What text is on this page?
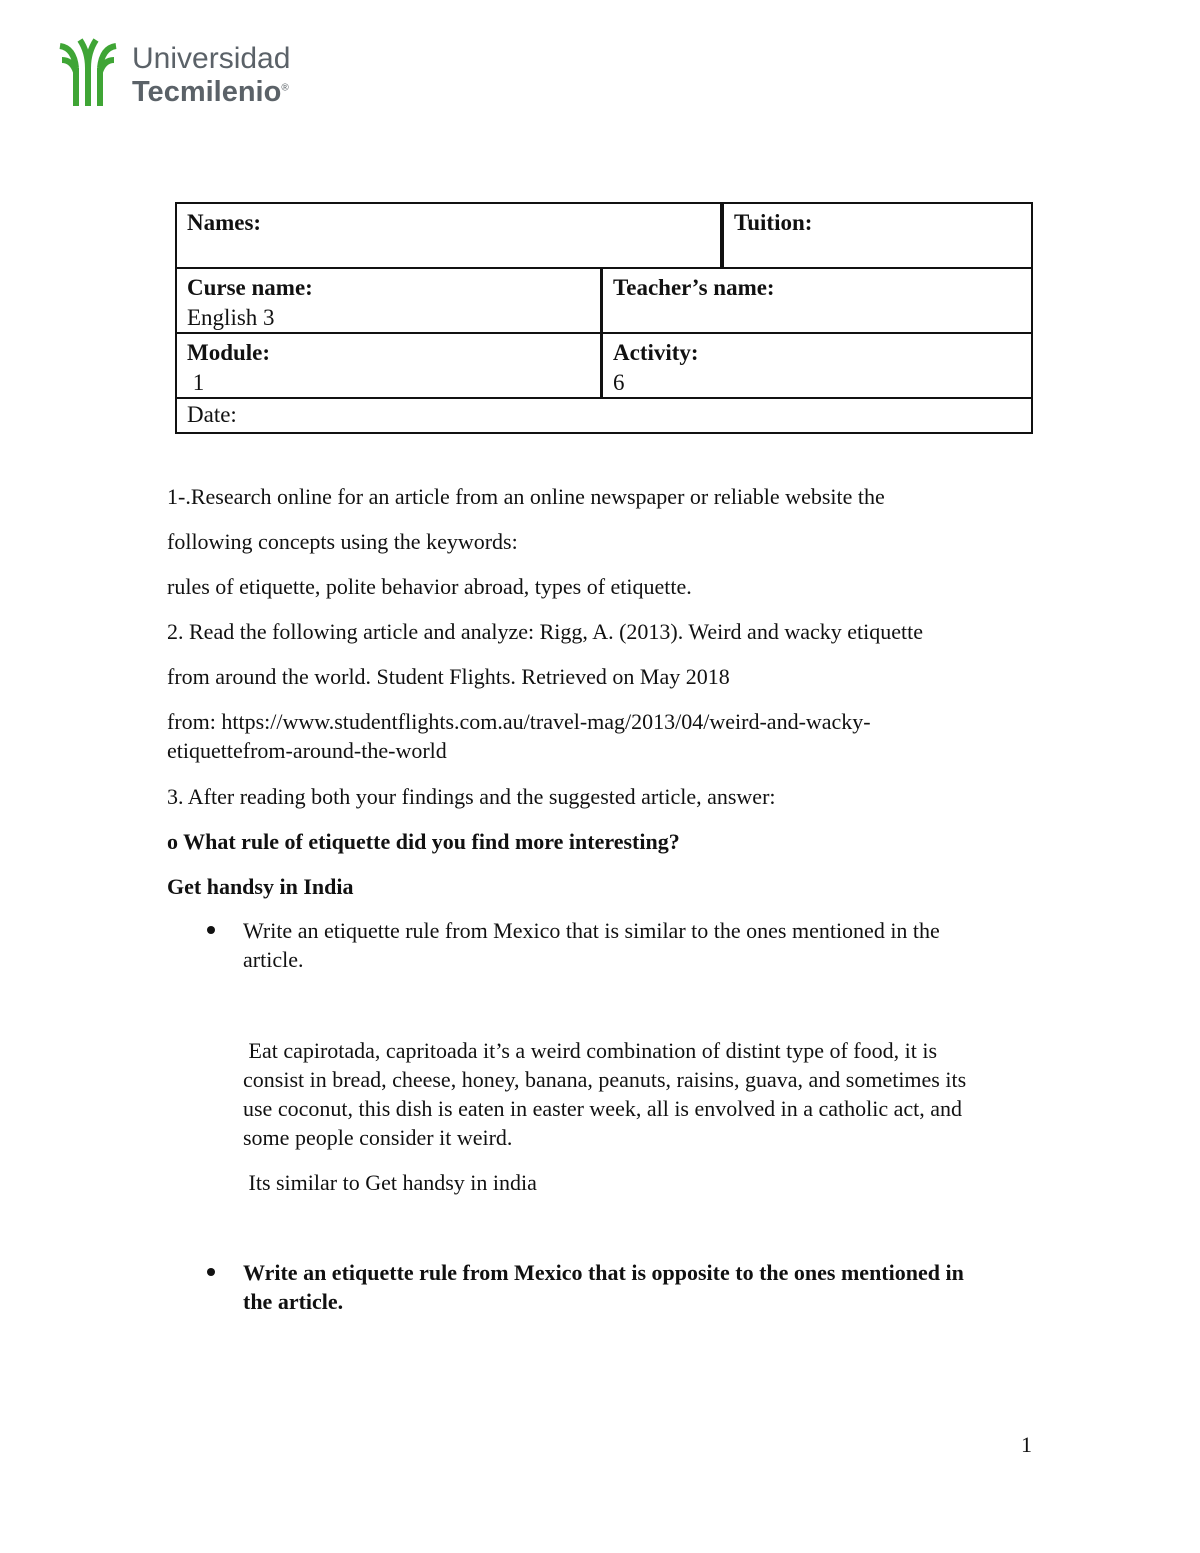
Universidad
Tecmilenio®
Names:	Tuition:
Curse name:
English 3
Teacher’s name:
Module:
1
Activity:
6
Date:
1-.Research online for an article from an online newspaper or reliable website the
following concepts using the keywords:
rules of etiquette, polite behavior abroad, types of etiquette.
2. Read the following article and analyze: Rigg, A. (2013). Weird and wacky etiquette
from around the world. Student Flights. Retrieved on May 2018
from: https://www.studentflights.com.au/travel-mag/2013/04/weird-and-wacky-
etiquettefrom-around-the-world
3. After reading both your findings and the suggested article, answer:
o What rule of etiquette did you find more interesting?
Get handsy in India
Write an etiquette rule from Mexico that is similar to the ones mentioned in the
article.
Eat capirotada, capritoada it’s a weird combination of distint type of food, it is
consist in bread, cheese, honey, banana, peanuts, raisins, guava, and sometimes its
use coconut, this dish is eaten in easter week, all is envolved in a catholic act, and
some people consider it weird.
Its similar to Get handsy in india
Write an etiquette rule from Mexico that is opposite to the ones mentioned in
the article.
1
